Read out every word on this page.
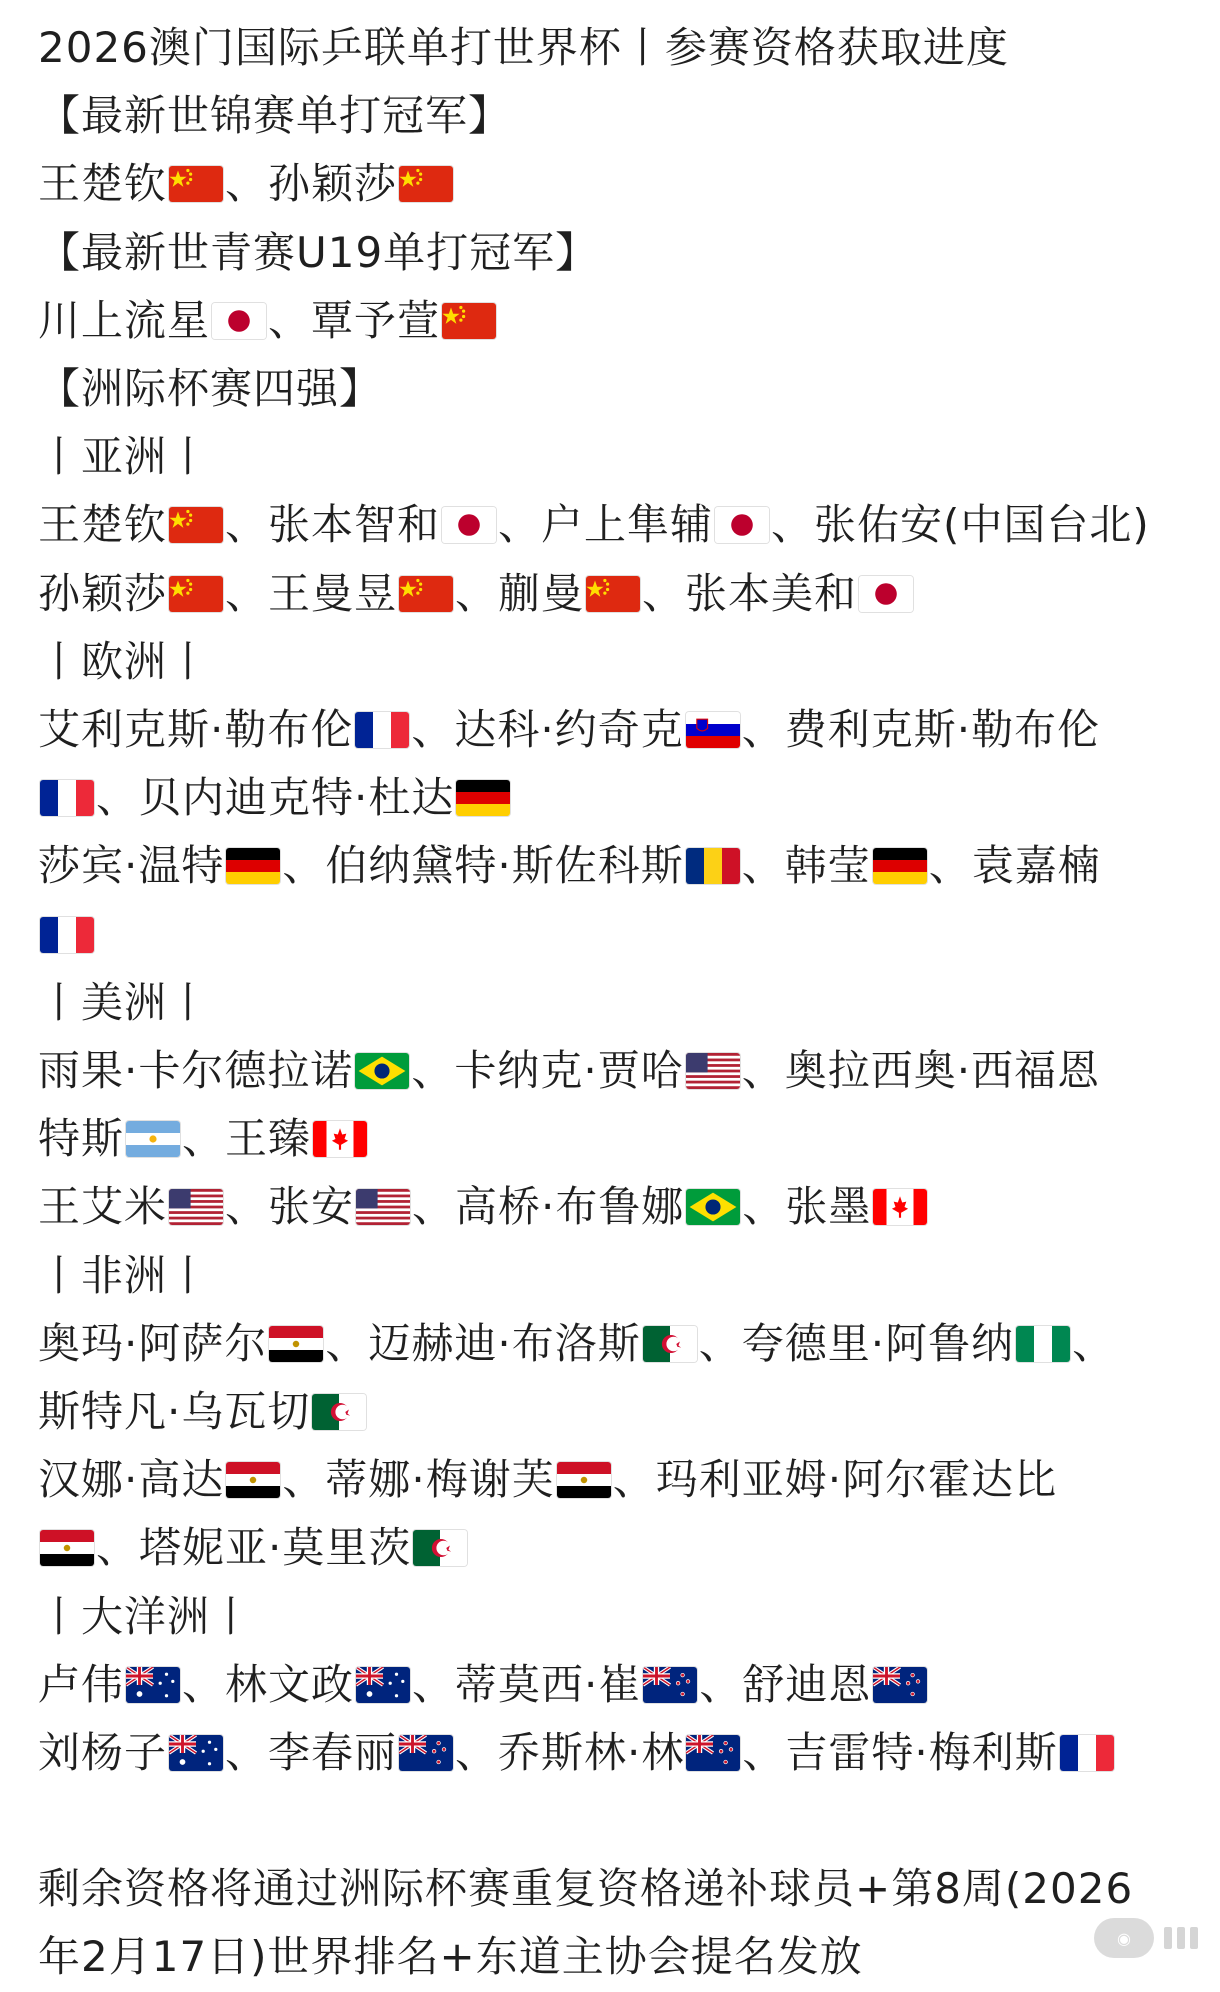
2026澳门国际乒联单打世界杯丨参赛资格获取进度
【最新世锦赛单打冠军】
王楚钦 、孙颖莎
【最新世青赛U19单打冠军】
川上流星 、覃予萱
【洲际杯赛四强】
丨亚洲丨
王楚钦 、张本智和 、户上隼辅 、张佑安(中国台北)
孙颖莎 、王曼昱 、蒯曼 、张本美和
丨欧洲丨
艾利克斯·勒布伦 、达科·约奇克 、费利克斯·勒布伦
、贝内迪克特·杜达
莎宾·温特 、伯纳黛特·斯佐科斯 、韩莹 、袁嘉楠
丨美洲丨
雨果·卡尔德拉诺 、卡纳克·贾哈 、奥拉西奥·西福恩
特斯 、王臻
王艾米 、张安 、高桥·布鲁娜 、张墨
丨非洲丨
奥玛·阿萨尔 、迈赫迪·布洛斯 、夸德里·阿鲁纳 、
斯特凡·乌瓦切
汉娜·高达 、蒂娜·梅谢芙 、玛利亚姆·阿尔霍达比
、塔妮亚·莫里茨
丨大洋洲丨
卢伟 、林文政 、蒂莫西·崔 、舒迪恩
刘杨子 、李春丽 、乔斯林·林 、吉雷特·梅利斯
剩余资格将通过洲际杯赛重复资格递补球员+第8周(2026
年2月17日)世界排名+东道主协会提名发放	◉
